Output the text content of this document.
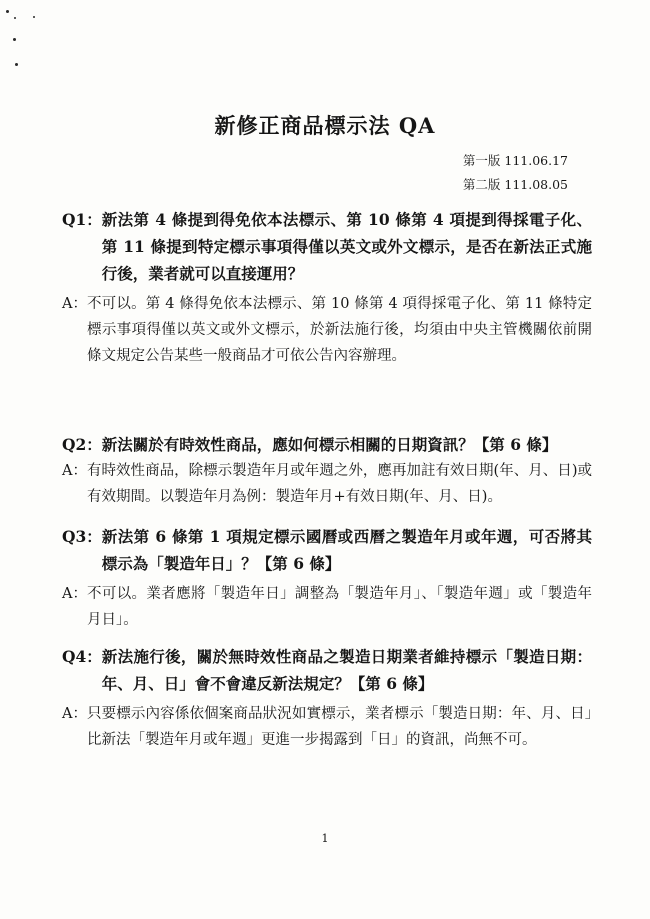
新修正商品標示法 QA
第一版 111.06.17
第二版 111.08.05
Q1： 新法第 4 條提到得免依本法標示、第 10 條第 4 項提到得採電子化、第 11 條提到特定標示事項得僅以英文或外文標示，是否在新法正式施行後，業者就可以直接運用？
A： 不可以。第 4 條得免依本法標示、第 10 條第 4 項得採電子化、第 11 條特定標示事項得僅以英文或外文標示，於新法施行後，均須由中央主管機關依前開條文規定公告某些一般商品才可依公告內容辦理。
Q2： 新法關於有時效性商品，應如何標示相關的日期資訊？【第 6 條】
A： 有時效性商品，除標示製造年月或年週之外，應再加註有效日期(年、月、日)或有效期間。以製造年月為例：製造年月+有效日期(年、月、日)。
Q3： 新法第 6 條第 1 項規定標示國曆或西曆之製造年月或年週，可否將其標示為「製造年日」？【第 6 條】
A： 不可以。業者應將「製造年日」調整為「製造年月」、「製造年週」或「製造年月日」。
Q4： 新法施行後，關於無時效性商品之製造日期業者維持標示「製造日期：年、月、日」會不會違反新法規定？【第 6 條】
A： 只要標示內容係依個案商品狀況如實標示，業者標示「製造日期：年、月、日」比新法「製造年月或年週」更進一步揭露到「日」的資訊，尚無不可。
1
